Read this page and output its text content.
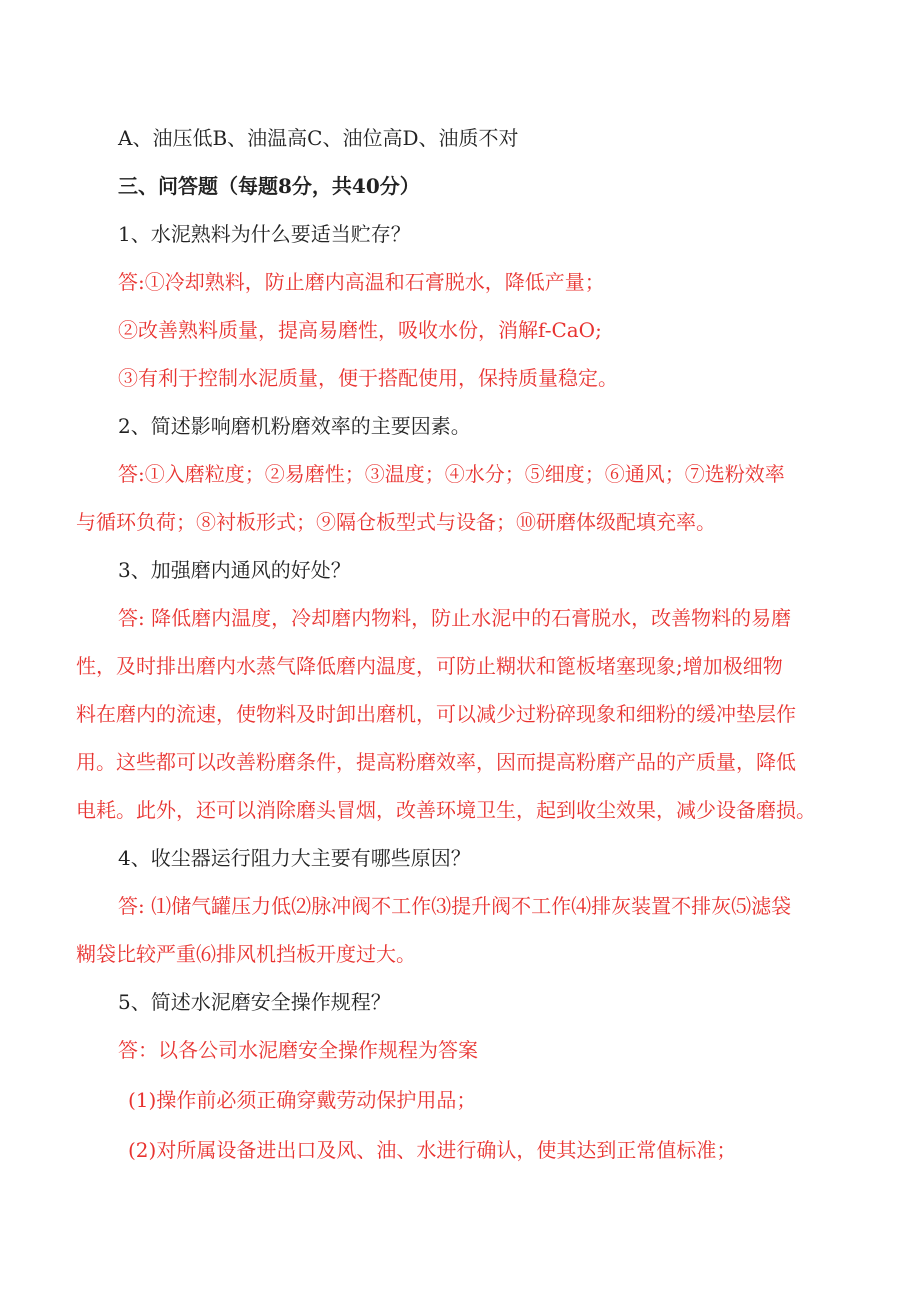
A、油压低B、油温高C、油位高D、油质不对
三、问答题（每题8分，共40分）
1、水泥熟料为什么要适当贮存？
答:①冷却熟料，防止磨内高温和石膏脱水，降低产量；
②改善熟料质量，提高易磨性，吸收水份，消解f-CaO;
③有利于控制水泥质量，便于搭配使用，保持质量稳定。
2、简述影响磨机粉磨效率的主要因素。
答:①入磨粒度；②易磨性；③温度；④水分；⑤细度；⑥通风；⑦选粉效率
与循环负荷；⑧衬板形式；⑨隔仓板型式与设备；⑩研磨体级配填充率。
3、加强磨内通风的好处？
答: 降低磨内温度，冷却磨内物料，防止水泥中的石膏脱水，改善物料的易磨
性，及时排出磨内水蒸气降低磨内温度，可防止糊状和篦板堵塞现象;增加极细物
料在磨内的流速，使物料及时卸出磨机，可以减少过粉碎现象和细粉的缓冲垫层作
用。这些都可以改善粉磨条件，提高粉磨效率，因而提高粉磨产品的产质量，降低
电耗。此外，还可以消除磨头冒烟，改善环境卫生，起到收尘效果，减少设备磨损。
4、收尘器运行阻力大主要有哪些原因？
答: ⑴储气罐压力低⑵脉冲阀不工作⑶提升阀不工作⑷排灰装置不排灰⑸滤袋
糊袋比较严重⑹排风机挡板开度过大。
5、简述水泥磨安全操作规程？
答：以各公司水泥磨安全操作规程为答案
(1)操作前必须正确穿戴劳动保护用品；
(2)对所属设备进出口及风、油、水进行确认，使其达到正常值标准；
